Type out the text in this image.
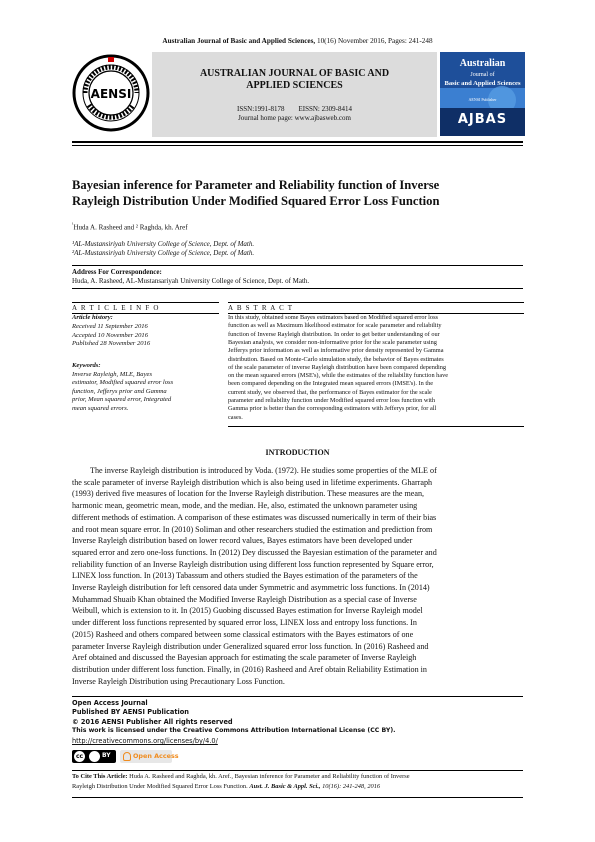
Australian Journal of Basic and Applied Sciences, 10(16) November 2016, Pages: 241-248
AENSI
AUSTRALIAN JOURNAL OF BASIC AND
APPLIED SCIENCES
ISSN:1991-8178        EISSN: 2309-8414
Journal home page: www.ajbasweb.com
Australian
Journal of
Basic and Applied Sciences
AENSI Publisher
AJBAS
Bayesian inference for Parameter and Reliability function of Inverse
Rayleigh Distribution Under Modified Squared Error Loss Function
$^{^1}$Huda A. Rasheed and ² Raghda, kh. Aref
¹AL-Mustansiriyah University College of Science, Dept. of Math.
²AL-Mustansiriyah University College of Science, Dept. of Math.
Address For Correspondence:
Huda, A. Rasheed, AL-Mustansariyah University College of Science, Dept. of Math.
A R T I C L E I N F O	A B S T R A C T
Article history:
Received 11 September 2016
Accepted 10 November 2016
Published 28 November 2016
Keywords:
Inverse Rayleigh, MLE, Bayes
estimator, Modified squared error loss
function, Jefferys prior and Gamma
prior, Mean squared error, Integrated
mean squared errors.
In this study, obtained some Bayes estimators based on Modified squared error loss
function as well as Maximum likelihood estimator for scale parameter and reliability
function of Inverse Rayleigh distribution. In order to get better understanding of our
Bayesian analysis, we consider non-informative prior for the scale parameter using
Jefferys prior information as well as informative prior density represented by Gamma
distribution. Based on Monte-Carlo simulation study, the behavior of Bayes estimates
of the scale parameter of inverse Rayleigh distribution have been compared depending
on the mean squared errors (MSE's), while the estimates of the reliability function have
been compared depending on the Integrated mean squared errors (IMSE's). In the
current study, we observed that, the performance of Bayes estimator for the scale
parameter and reliability function under Modified squared error loss function with
Gamma prior is better than the corresponding estimators with Jefferys prior, for all
cases.
INTRODUCTION
The inverse Rayleigh distribution is introduced by Voda. (1972). He studies some properties of the MLE of
the scale parameter of inverse Rayleigh distribution which is also being used in lifetime experiments. Gharraph
(1993) derived five measures of location for the Inverse Rayleigh distribution. These measures are the mean,
harmonic mean, geometric mean, mode, and the median. He, also, estimated the unknown parameter using
different methods of estimation. A comparison of these estimates was discussed numerically in term of their bias
and root mean square error. In (2010) Soliman and other researchers studied the estimation and prediction from
Inverse Rayleigh distribution based on lower record values, Bayes estimators have been developed under
squared error and zero one-loss functions. In (2012) Dey discussed the Bayesian estimation of the parameter and
reliability function of an Inverse Rayleigh distribution using different loss function represented by Square error,
LINEX loss function. In (2013) Tabassum and others studied the Bayes estimation of the parameters of the
Inverse Rayleigh distribution for left censored data under Symmetric and asymmetric loss functions. In (2014)
Muhammad Shuaib Khan obtained the Modified Inverse Rayleigh Distribution as a special case of Inverse
Weibull, which is extension to it. In (2015) Guobing discussed Bayes estimation for Inverse Rayleigh model
under different loss functions represented by squared error loss, LINEX loss and entropy loss functions. In
(2015) Rasheed and others compared between some classical estimators with the Bayes estimators of one
parameter Inverse Rayleigh distribution under Generalized squared error loss function. In (2016) Rasheed and
Aref obtained and discussed the Bayesian approach for estimating the scale parameter of Inverse Rayleigh
distribution under different loss function. Finally, in (2016) Rasheed and Aref obtain Reliability Estimation in
Inverse Rayleigh Distribution using Precautionary Loss Function.
Open Access Journal
Published BY AENSI Publication
© 2016 AENSI Publisher All rights reserved
This work is licensed under the Creative Commons Attribution International License (CC BY).
http://creativecommons.org/licenses/by/4.0/
cc	BY	Open Access
To Cite This Article: Huda A. Rasheed and Raghda, kh. Aref., Bayesian inference for Parameter and Reliability function of Inverse
Rayleigh Distribution Under Modified Squared Error Loss Function. Aust. J. Basic & Appl. Sci., 10(16): 241-248, 2016
